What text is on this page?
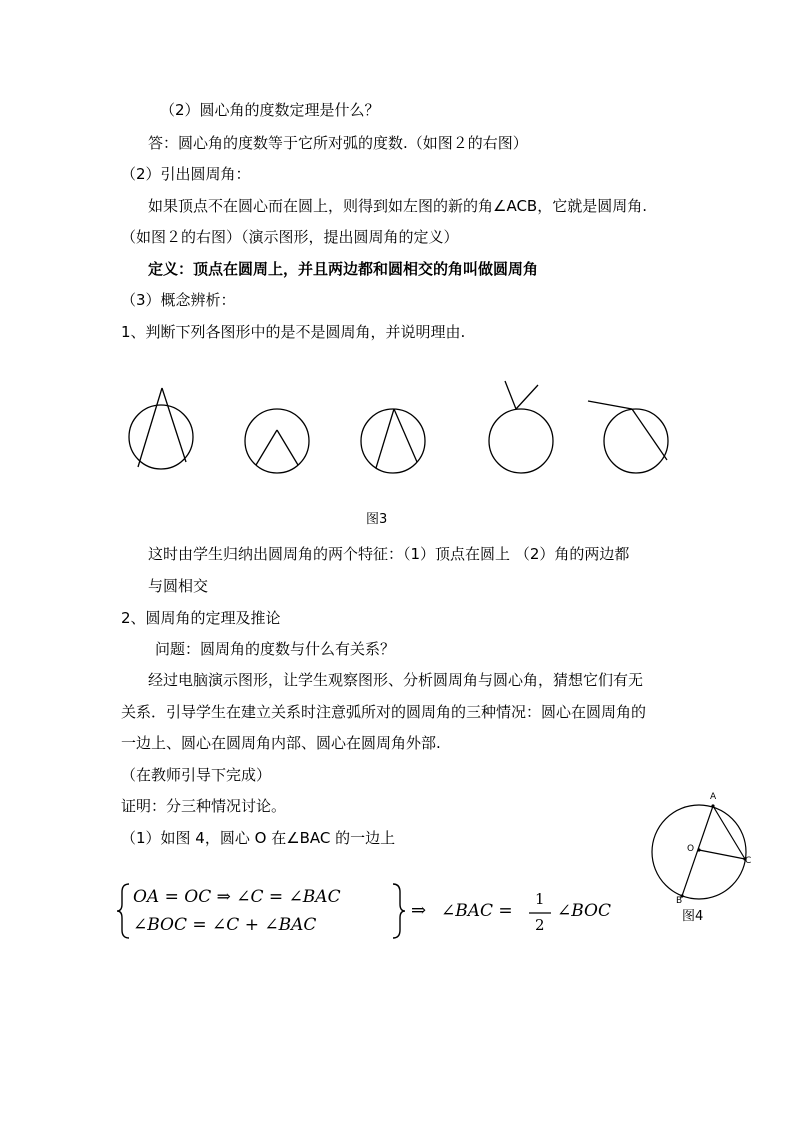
（2）圆心角的度数定理是什么？
答：圆心角的度数等于它所对弧的度数.（如图２的右图）
（2）引出圆周角：
如果顶点不在圆心而在圆上，则得到如左图的新的角∠ACB，它就是圆周角.
（如图２的右图）（演示图形，提出圆周角的定义）
定义：顶点在圆周上，并且两边都和圆相交的角叫做圆周角
（3）概念辨析：
1、判断下列各图形中的是不是圆周角，并说明理由.
图3
这时由学生归纳出圆周角的两个特征：（1）顶点在圆上 （2）角的两边都
与圆相交
2、圆周角的定理及推论
问题：圆周角的度数与什么有关系？
经过电脑演示图形，让学生观察图形、分析圆周角与圆心角，猜想它们有无
关系．引导学生在建立关系时注意弧所对的圆周角的三种情况：圆心在圆周角的
一边上、圆心在圆周角内部、圆心在圆周角外部.
（在教师引导下完成）
证明：分三种情况讨论。
（1）如图 4，圆心 O 在∠BAC 的一边上
A
O
C
B
图4
OA = OC ⇒ ∠C = ∠BAC
∠BOC = ∠C + ∠BAC
⇒ ∠BAC =
1
2
∠BOC
